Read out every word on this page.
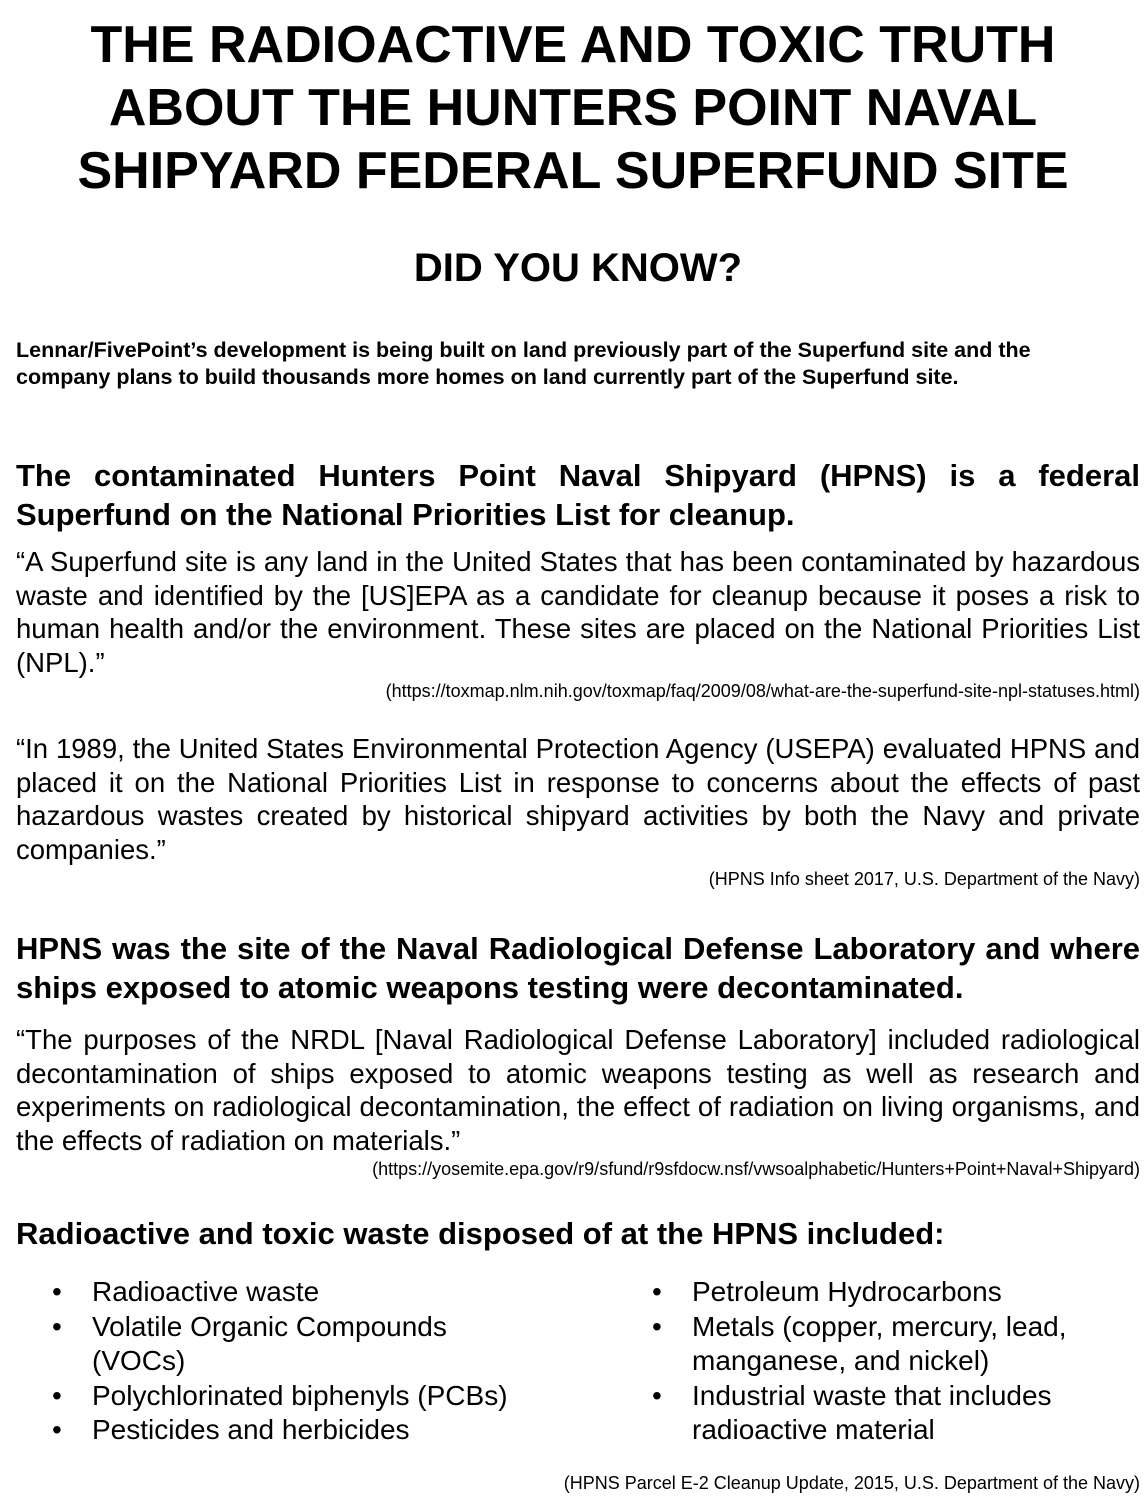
THE RADIOACTIVE AND TOXIC TRUTH
ABOUT THE HUNTERS POINT NAVAL
SHIPYARD FEDERAL SUPERFUND SITE
DID YOU KNOW?

Lennar/FivePoint’s development is being built on land previously part of the Superfund site and the company plans to build thousands more homes on land currently part of the Superfund site.

The contaminated Hunters Point Naval Shipyard (HPNS) is a federal Superfund on the National Priorities List for cleanup.

“A Superfund site is any land in the United States that has been contaminated by hazardous waste and identified by the [US]EPA as a candidate for cleanup because it poses a risk to human health and/or the environment. These sites are placed on the National Priorities List (NPL).”

(https://toxmap.nlm.nih.gov/toxmap/faq/2009/08/what-are-the-superfund-site-npl-statuses.html)

“In 1989, the United States Environmental Protection Agency (USEPA) evaluated HPNS and placed it on the National Priorities List in response to concerns about the effects of past hazardous wastes created by historical shipyard activities by both the Navy and private companies.”

(HPNS Info sheet 2017, U.S. Department of the Navy)

HPNS was the site of the Naval Radiological Defense Laboratory and where ships exposed to atomic weapons testing were decontaminated.

“The purposes of the NRDL [Naval Radiological Defense Laboratory] included radiological decontamination of ships exposed to atomic weapons testing as well as research and experiments on radiological decontamination, the effect of radiation on living organisms, and the effects of radiation on materials.”

(https://yosemite.epa.gov/r9/sfund/r9sfdocw.nsf/vwsoalphabetic/Hunters+Point+Naval+Shipyard)

Radioactive and toxic waste disposed of at the HPNS included:
•	Radioactive waste
•	Volatile Organic Compounds (VOCs)
•	Polychlorinated biphenyls (PCBs)
•	Pesticides and herbicides
•	Petroleum Hydrocarbons
•	Metals (copper, mercury, lead, manganese, and nickel)
•	Industrial waste that includes radioactive material

(HPNS Parcel E-2 Cleanup Update, 2015, U.S. Department of the Navy)
